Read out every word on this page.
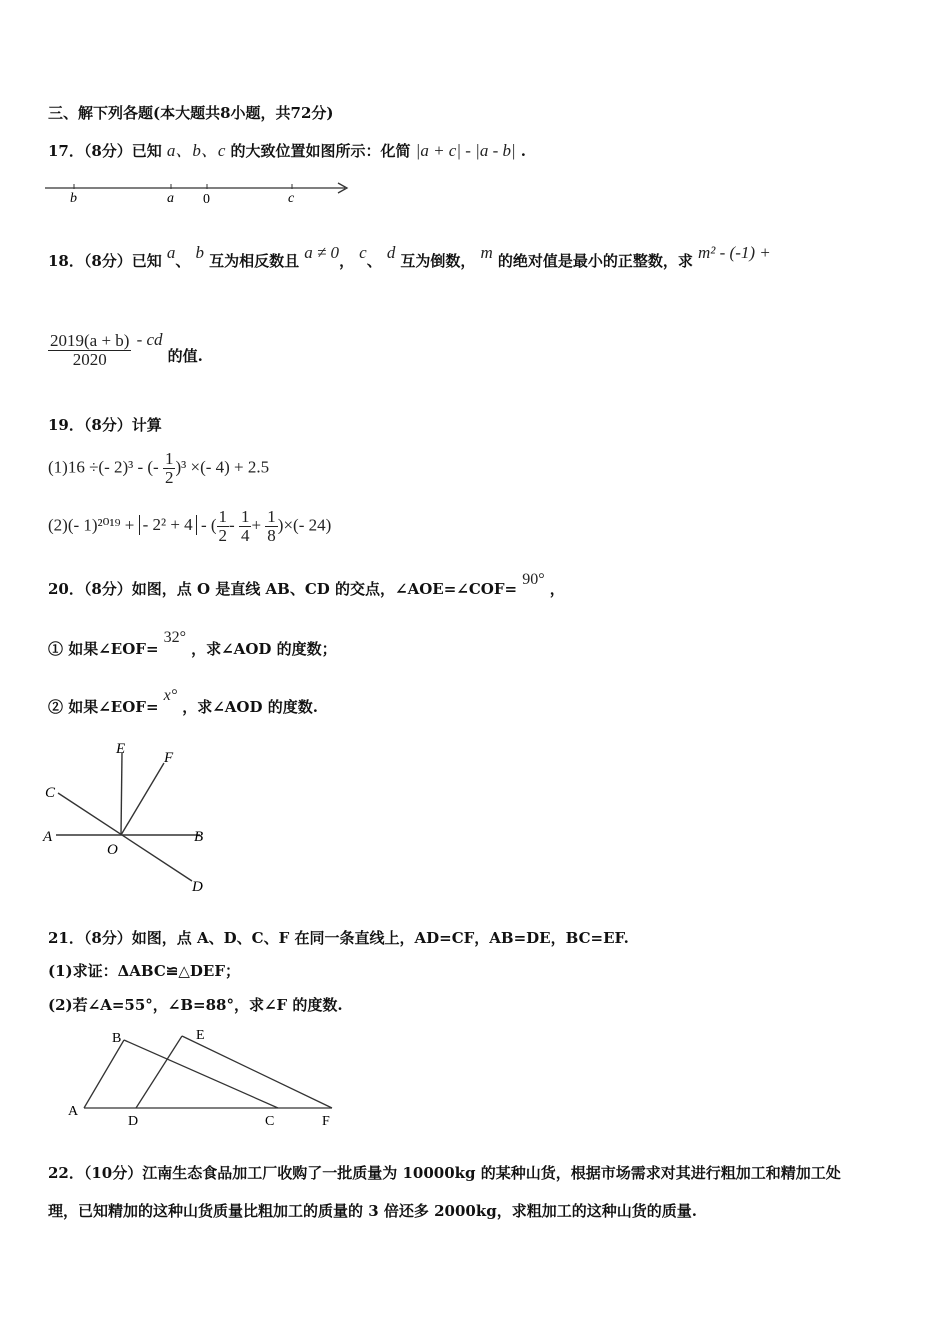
三、解下列各题(本大题共8小题，共72分)
17．（8分）已知 a、b、c 的大致位置如图所示：化简 |a + c| - |a - b| .
b	a 0	c
18．（8分）已知 a、 b 互为相反数且 a ≠ 0， c、 d 互为倒数， m 的绝对值是最小的正整数，求 m² - (-1) +
$\frac{2019(a + b)}{2020}$ - cd 的值.
19．（8分）计算
(1)16 ÷(- 2)³ - (- $\frac{1}{2} )^3$ ×(- 4) + 2.5
(2)(- 1)²⁰¹⁹ + - 2² + 4 - ( $\frac{1}{2} - \frac{1}{4} + \frac{1}{8}$ )×(- 24)
20．（8分）如图，点 O 是直线 AB、CD 的交点，∠AOE=∠COF= 90° ，
① 如果∠EOF= 32° ，求∠AOD 的度数；
② 如果∠EOF= x° ，求∠AOD 的度数.
E
F
C
A
O
B
D
21．（8分）如图，点 A、D、C、F 在同一条直线上，AD=CF，AB=DE，BC=EF.
(1)求证：ΔABC≌△DEF；
(2)若∠A=55°，∠B=88°，求∠F 的度数.
B	E
A
D	C	F
22．（10分）江南生态食品加工厂收购了一批质量为 10000kg 的某种山货，根据市场需求对其进行粗加工和精加工处
理，已知精加的这种山货质量比粗加工的质量的 3 倍还多 2000kg，求粗加工的这种山货的质量.
